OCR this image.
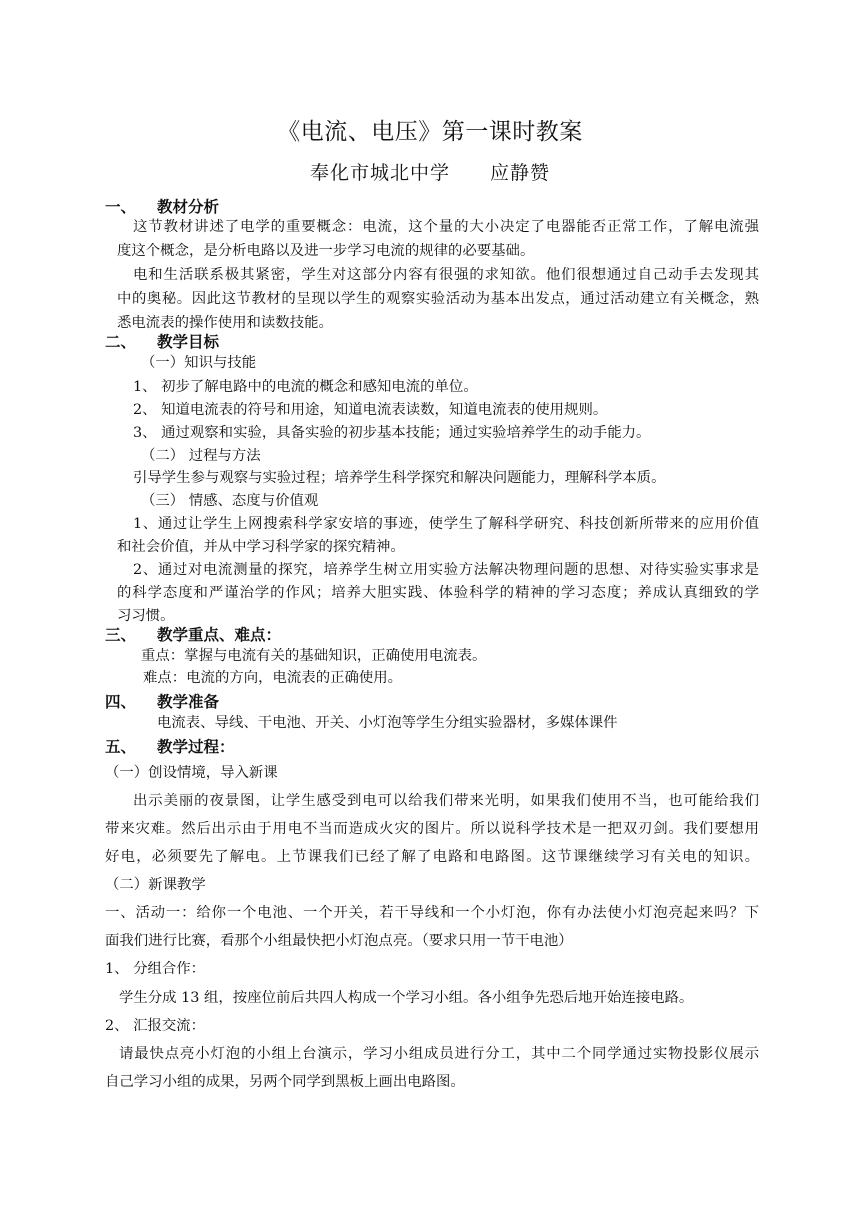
《电流、电压》第一课时教案
奉化市城北中学 应静赞
一、 教材分析
这节教材讲述了电学的重要概念：电流，这个量的大小决定了电器能否正常工作，了解电流强
度这个概念，是分析电路以及进一步学习电流的规律的必要基础。
电和生活联系极其紧密，学生对这部分内容有很强的求知欲。他们很想通过自己动手去发现其
中的奥秘。因此这节教材的呈现以学生的观察实验活动为基本出发点，通过活动建立有关概念，熟
悉电流表的操作使用和读数技能。
二、 教学目标
（一）知识与技能
1、 初步了解电路中的电流的概念和感知电流的单位。
2、 知道电流表的符号和用途，知道电流表读数，知道电流表的使用规则。
3、 通过观察和实验，具备实验的初步基本技能；通过实验培养学生的动手能力。
（二） 过程与方法
引导学生参与观察与实验过程；培养学生科学探究和解决问题能力，理解科学本质。
（三） 情感、态度与价值观
1、通过让学生上网搜索科学家安培的事迹，使学生了解科学研究、科技创新所带来的应用价值
和社会价值，并从中学习科学家的探究精神。
2、通过对电流测量的探究，培养学生树立用实验方法解决物理问题的思想、对待实验实事求是
的科学态度和严谨治学的作风；培养大胆实践、体验科学的精神的学习态度；养成认真细致的学
习习惯。
三、 教学重点、难点：
重点：掌握与电流有关的基础知识，正确使用电流表。
难点：电流的方向，电流表的正确使用。
四、 教学准备
电流表、导线、干电池、开关、小灯泡等学生分组实验器材，多媒体课件
五、 教学过程：
（一）创设情境，导入新课
出示美丽的夜景图，让学生感受到电可以给我们带来光明，如果我们使用不当，也可能给我们
带来灾难。然后出示由于用电不当而造成火灾的图片。所以说科学技术是一把双刃剑。我们要想用
好电，必须要先了解电。上节课我们已经了解了电路和电路图。这节课继续学习有关电的知识。
（二）新课教学
一、活动一：给你一个电池、一个开关，若干导线和一个小灯泡，你有办法使小灯泡亮起来吗？下
面我们进行比赛，看那个小组最快把小灯泡点亮。（要求只用一节干电池）
1、 分组合作：
学生分成 13 组，按座位前后共四人构成一个学习小组。各小组争先恐后地开始连接电路。
2、 汇报交流：
请最快点亮小灯泡的小组上台演示，学习小组成员进行分工，其中二个同学通过实物投影仪展示
自己学习小组的成果，另两个同学到黑板上画出电路图。
